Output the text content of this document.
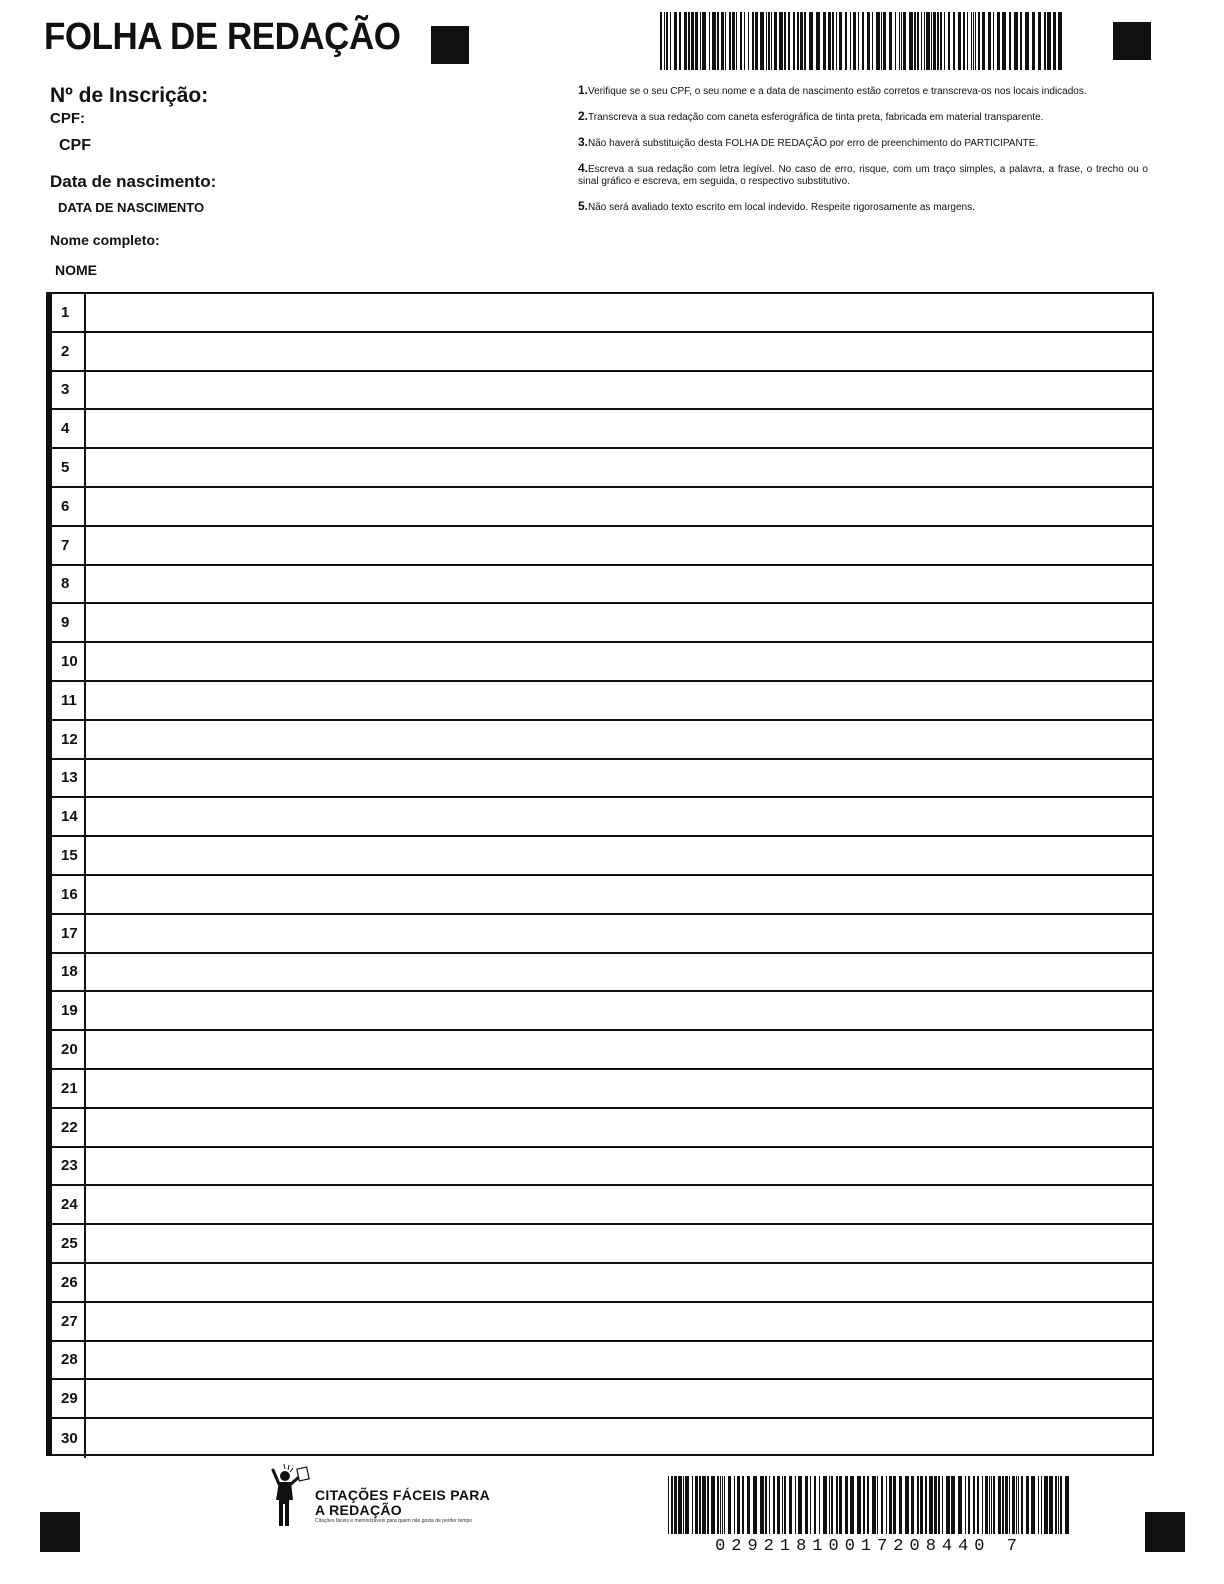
FOLHA DE REDAÇÃO
Nº de Inscrição:
CPF:
CPF
Data de nascimento:
DATA DE NASCIMENTO
Nome completo:
NOME
1.Verifique se o seu CPF, o seu nome e a data de nascimento estão corretos e transcreva-os nos locais indicados.
2.Transcreva a sua redação com caneta esferográfica de tinta preta, fabricada em material transparente.
3.Não haverá substituição desta FOLHA DE REDAÇÃO por erro de preenchimento do PARTICIPANTE.
4.Escreva a sua redação com letra legível. No caso de erro, risque, com um traço simples, a palavra, a frase, o trecho ou o sinal gráfico e escreva, em seguida, o respectivo substitutivo.
5.Não será avaliado texto escrito em local indevido. Respeite rigorosamente as margens.
1
2
3
4
5
6
7
8
9
10
11
12
13
14
15
16
17
18
19
20
21
22
23
24
25
26
27
28
29
30
CITAÇÕES FÁCEIS PARA
A REDAÇÃO
Citações fáceis e memorizáveis para quem não gosta de perder tempo
02921810017208440 7
